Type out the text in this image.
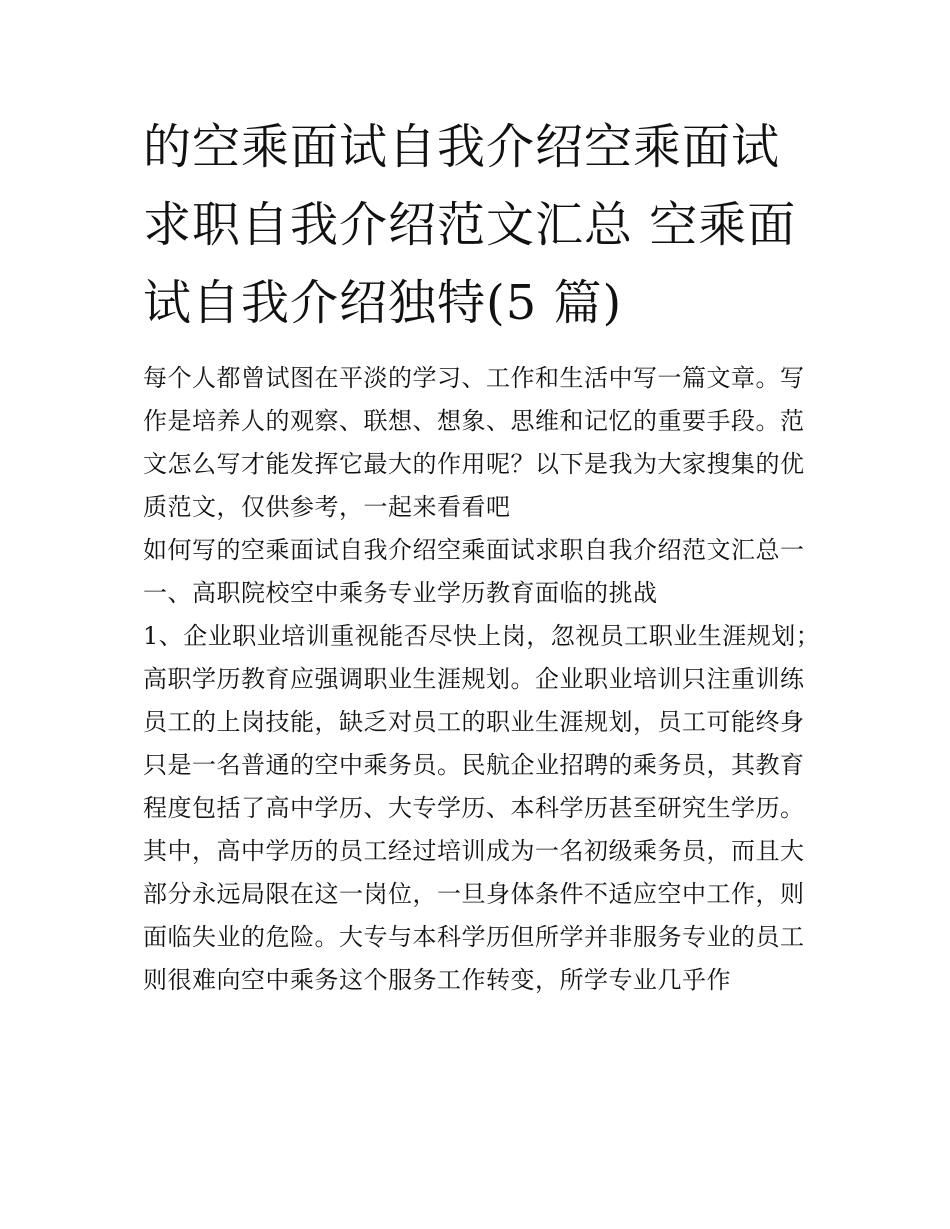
的空乘面试自我介绍空乘面试求职自我介绍范文汇总 空乘面试自我介绍独特(5 篇)

每个人都曾试图在平淡的学习、工作和生活中写一篇文章。写作是培养人的观察、联想、想象、思维和记忆的重要手段。范文怎么写才能发挥它最大的作用呢？以下是我为大家搜集的优质范文，仅供参考，一起来看看吧

如何写的空乘面试自我介绍空乘面试求职自我介绍范文汇总一

一、高职院校空中乘务专业学历教育面临的挑战

1、企业职业培训重视能否尽快上岗，忽视员工职业生涯规划；高职学历教育应强调职业生涯规划。企业职业培训只注重训练员工的上岗技能，缺乏对员工的职业生涯规划，员工可能终身只是一名普通的空中乘务员。民航企业招聘的乘务员，其教育程度包括了高中学历、大专学历、本科学历甚至研究生学历。其中，高中学历的员工经过培训成为一名初级乘务员，而且大部分永远局限在这一岗位，一旦身体条件不适应空中工作，则面临失业的危险。大专与本科学历但所学并非服务专业的员工则很难向空中乘务这个服务工作转变，所学专业几乎作
